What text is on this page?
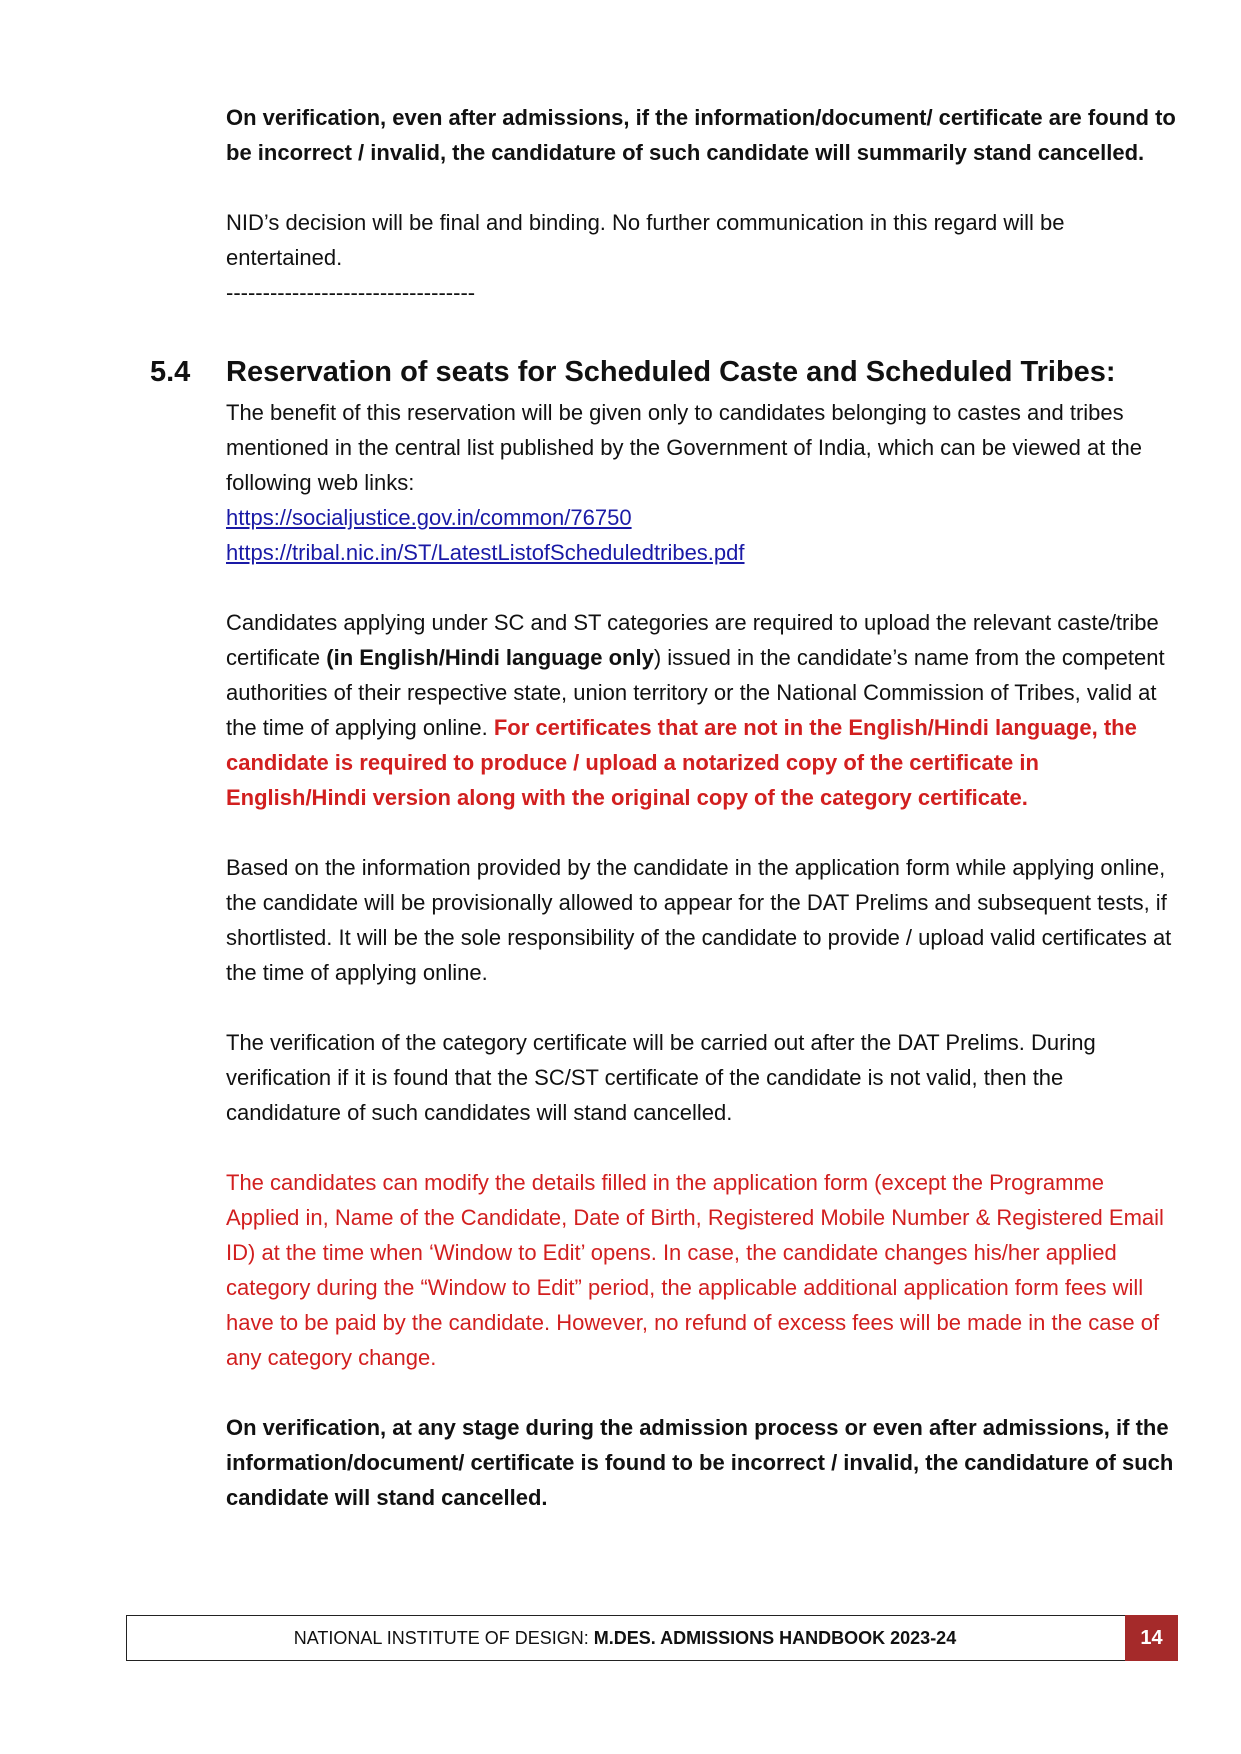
On verification, even after admissions, if the information/document/ certificate are found to be incorrect / invalid, the candidature of such candidate will summarily stand cancelled.

NID’s decision will be final and binding. No further communication in this regard will be entertained.

----------------------------------
5.4 Reservation of seats for Scheduled Caste and Scheduled Tribes:

The benefit of this reservation will be given only to candidates belonging to castes and tribes mentioned in the central list published by the Government of India, which can be viewed at the following web links:

https://socialjustice.gov.in/common/76750
https://tribal.nic.in/ST/LatestListofScheduledtribes.pdf

Candidates applying under SC and ST categories are required to upload the relevant caste/tribe certificate (in English/Hindi language only) issued in the candidate’s name from the competent authorities of their respective state, union territory or the National Commission of Tribes, valid at the time of applying online. For certificates that are not in the English/Hindi language, the candidate is required to produce / upload a notarized copy of the certificate in English/Hindi version along with the original copy of the category certificate.

Based on the information provided by the candidate in the application form while applying online, the candidate will be provisionally allowed to appear for the DAT Prelims and subsequent tests, if shortlisted. It will be the sole responsibility of the candidate to provide / upload valid certificates at the time of applying online.

The verification of the category certificate will be carried out after the DAT Prelims. During verification if it is found that the SC/ST certificate of the candidate is not valid, then the candidature of such candidates will stand cancelled.

The candidates can modify the details filled in the application form (except the Programme Applied in, Name of the Candidate, Date of Birth, Registered Mobile Number & Registered Email ID) at the time when ‘Window to Edit’ opens. In case, the candidate changes his/her applied category during the “Window to Edit” period, the applicable additional application form fees will have to be paid by the candidate. However, no refund of excess fees will be made in the case of any category change.

On verification, at any stage during the admission process or even after admissions, if the information/document/ certificate is found to be incorrect / invalid, the candidature of such candidate will stand cancelled.

NATIONAL INSTITUTE OF DESIGN: M.DES. ADMISSIONS HANDBOOK 2023-24	14
